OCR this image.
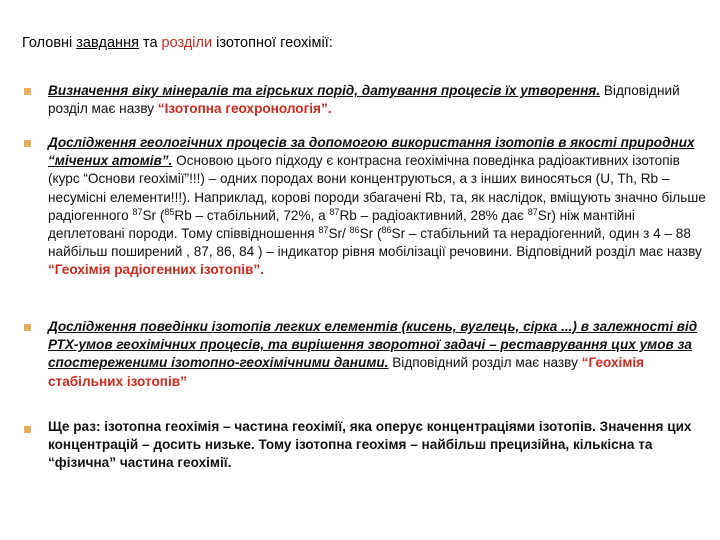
Головні завдання та розділи ізотопної геохімії:
Визначення віку мінералів та гірських порід, датування процесів їх утворення. Відповідний розділ має назву “Ізотопна геохронологія”.
Дослідження геологічних процесів за допомогою використання ізотопів в якості природних “мічених атомів”. Основою цього підходу є контрасна геохімічна поведінка радіоактивних ізотопів (курс “Основи геохімії”!!!) – одних породах вони концентруються, а з інших виносяться (U, Th, Rb – несумісні елементи!!!). Наприклад, корові породи збагачені Rb, та, як наслідок, вміщують значно більше радіогенного $^{87}$Sr ($^{85}$Rb – стабільний, 72%, а $^{87}$Rb – радіоактивний, 28% дає $^{87}$Sr) ніж мантійні деплетовані породи. Тому співвідношення $^{87}$Sr/ $^{86}$Sr ($^{86}$Sr – стабільний та нерадіогенний, один з 4 – 88 найбільш поширений , 87, 86, 84 ) – індикатор рівня мобілізації речовини. Відповідний розділ має назву “Геохімія радіогенних ізотопів”.
Дослідження поведінки ізотопів легких елементів (кисень, вуглець, сірка ...) в залежності від РТХ-умов геохімічних процесів, та вирішення зворотної задачі – реставрування цих умов за спостереженими ізотопно-геохімічними даними. Відповідний розділ має назву “Геохімія стабільних ізотопів”
Ще раз: ізотопна геохімія – частина геохімії, яка оперує концентраціями ізотопів. Значення цих концентрацій – досить низьке. Тому ізотопна геохімя – найбільш прецизійна, кількісна та “фізична” частина геохімії.
